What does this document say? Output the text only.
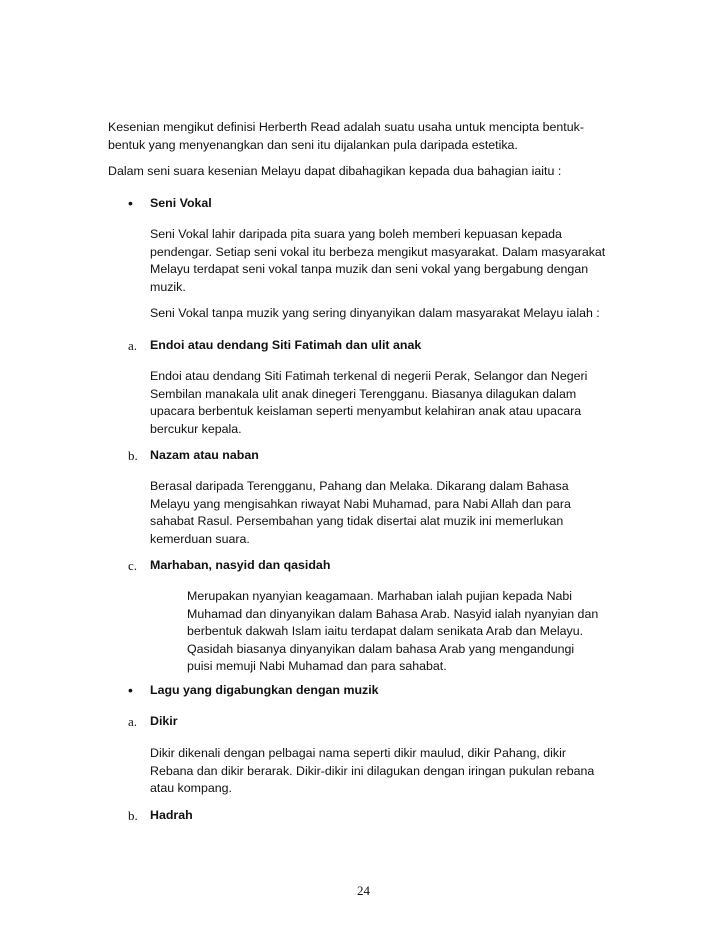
Kesenian mengikut definisi Herberth Read adalah suatu usaha untuk mencipta bentuk-

bentuk yang menyenangkan dan seni itu dijalankan pula daripada estetika.

Dalam seni suara kesenian Melayu dapat dibahagikan kepada dua bahagian iaitu :

• Seni Vokal

Seni Vokal lahir daripada pita suara yang boleh memberi kepuasan kepada

pendengar. Setiap seni vokal itu berbeza mengikut masyarakat. Dalam masyarakat

Melayu terdapat seni vokal tanpa muzik dan seni vokal yang bergabung dengan

muzik.

Seni Vokal tanpa muzik yang sering dinyanyikan dalam masyarakat Melayu ialah :

a. Endoi atau dendang Siti Fatimah dan ulit anak

Endoi atau dendang Siti Fatimah terkenal di negerii Perak, Selangor dan Negeri

Sembilan manakala ulit anak dinegeri Terengganu. Biasanya dilagukan dalam

upacara berbentuk keislaman seperti menyambut kelahiran anak atau upacara

bercukur kepala.

b. Nazam atau naban

Berasal daripada Terengganu, Pahang dan Melaka. Dikarang dalam Bahasa

Melayu yang mengisahkan riwayat Nabi Muhamad, para Nabi Allah dan para

sahabat Rasul. Persembahan yang tidak disertai alat muzik ini memerlukan

kemerduan suara.

c. Marhaban, nasyid dan qasidah

Merupakan nyanyian keagamaan. Marhaban ialah pujian kepada Nabi

Muhamad dan dinyanyikan dalam Bahasa Arab. Nasyid ialah nyanyian dan

berbentuk dakwah Islam iaitu terdapat dalam senikata Arab dan Melayu.

Qasidah biasanya dinyanyikan dalam bahasa Arab yang mengandungi

puisi memuji Nabi Muhamad dan para sahabat.

• Lagu yang digabungkan dengan muzik
a. Dikir

Dikir dikenali dengan pelbagai nama seperti dikir maulud, dikir Pahang, dikir

Rebana dan dikir berarak. Dikir-dikir ini dilagukan dengan iringan pukulan rebana

atau kompang.

b. Hadrah
24
